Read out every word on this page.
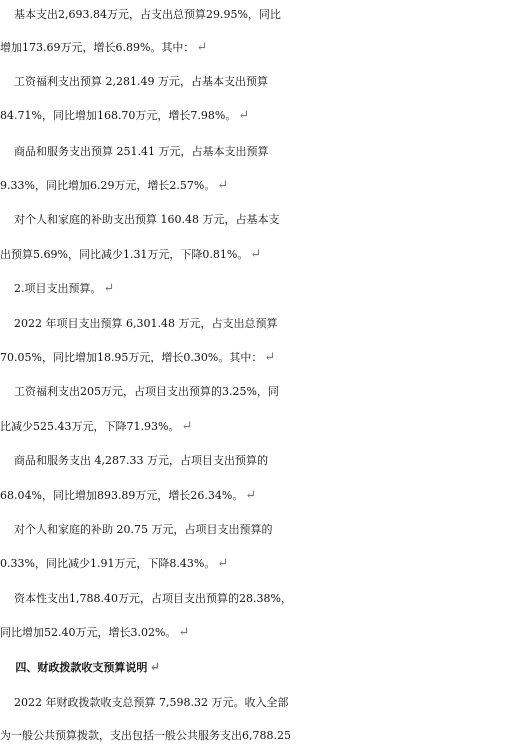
基本支出2,693.84万元，占支出总预算29.95%，同比
增加173.69万元，增长6.89%。其中： ↵
工资福利支出预算 2,281.49 万元，占基本支出预算
84.71%，同比增加168.70万元，增长7.98%。 ↵
商品和服务支出预算 251.41 万元，占基本支出预算
9.33%，同比增加6.29万元，增长2.57%。 ↵
对个人和家庭的补助支出预算 160.48 万元，占基本支
出预算5.69%，同比减少1.31万元，下降0.81%。 ↵
2.项目支出预算。 ↵
2022 年项目支出预算 6,301.48 万元，占支出总预算
70.05%，同比增加18.95万元，增长0.30%。其中： ↵
工资福利支出205万元，占项目支出预算的3.25%，同
比减少525.43万元，下降71.93%。 ↵
商品和服务支出 4,287.33 万元，占项目支出预算的
68.04%，同比增加893.89万元，增长26.34%。 ↵
对个人和家庭的补助 20.75 万元，占项目支出预算的
0.33%，同比减少1.91万元，下降8.43%。 ↵
资本性支出1,788.40万元，占项目支出预算的28.38%，
同比增加52.40万元，增长3.02%。 ↵
四、财政拨款收支预算说明 ↵
2022 年财政拨款收支总预算 7,598.32 万元。收入全部
为一般公共预算拨款，支出包括一般公共服务支出6,788.25
